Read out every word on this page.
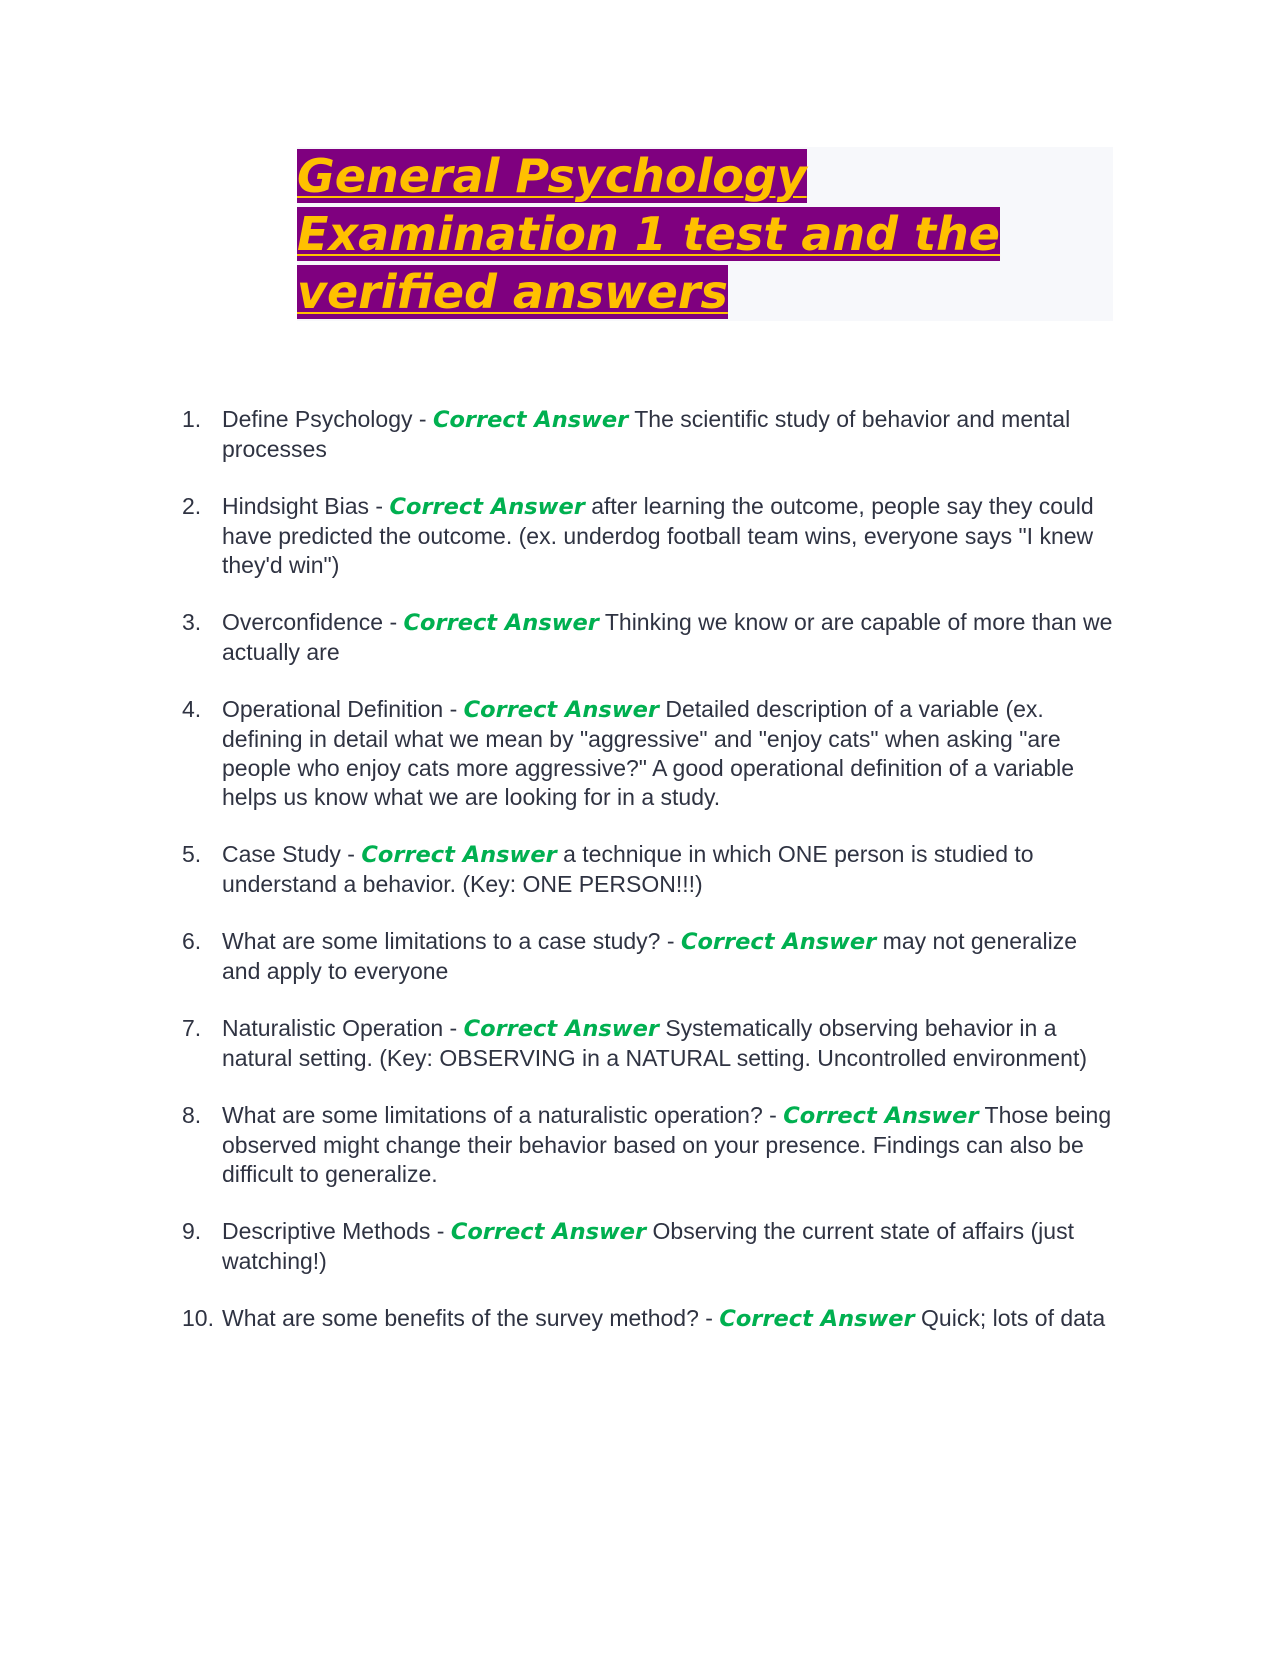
General Psychology Examination 1 test and the verified answers
1. Define Psychology - Correct Answer The scientific study of behavior and mental processes
2. Hindsight Bias - Correct Answer after learning the outcome, people say they could have predicted the outcome. (ex. underdog football team wins, everyone says "I knew they'd win")
3. Overconfidence - Correct Answer Thinking we know or are capable of more than we actually are
4. Operational Definition - Correct Answer Detailed description of a variable (ex. defining in detail what we mean by "aggressive" and "enjoy cats" when asking "are people who enjoy cats more aggressive?" A good operational definition of a variable helps us know what we are looking for in a study.
5. Case Study - Correct Answer a technique in which ONE person is studied to understand a behavior. (Key: ONE PERSON!!!)
6. What are some limitations to a case study? - Correct Answer may not generalize and apply to everyone
7. Naturalistic Operation - Correct Answer Systematically observing behavior in a natural setting. (Key: OBSERVING in a NATURAL setting. Uncontrolled environment)
8. What are some limitations of a naturalistic operation? - Correct Answer Those being observed might change their behavior based on your presence. Findings can also be difficult to generalize.
9. Descriptive Methods - Correct Answer Observing the current state of affairs (just watching!)
10. What are some benefits of the survey method? - Correct Answer Quick; lots of data
